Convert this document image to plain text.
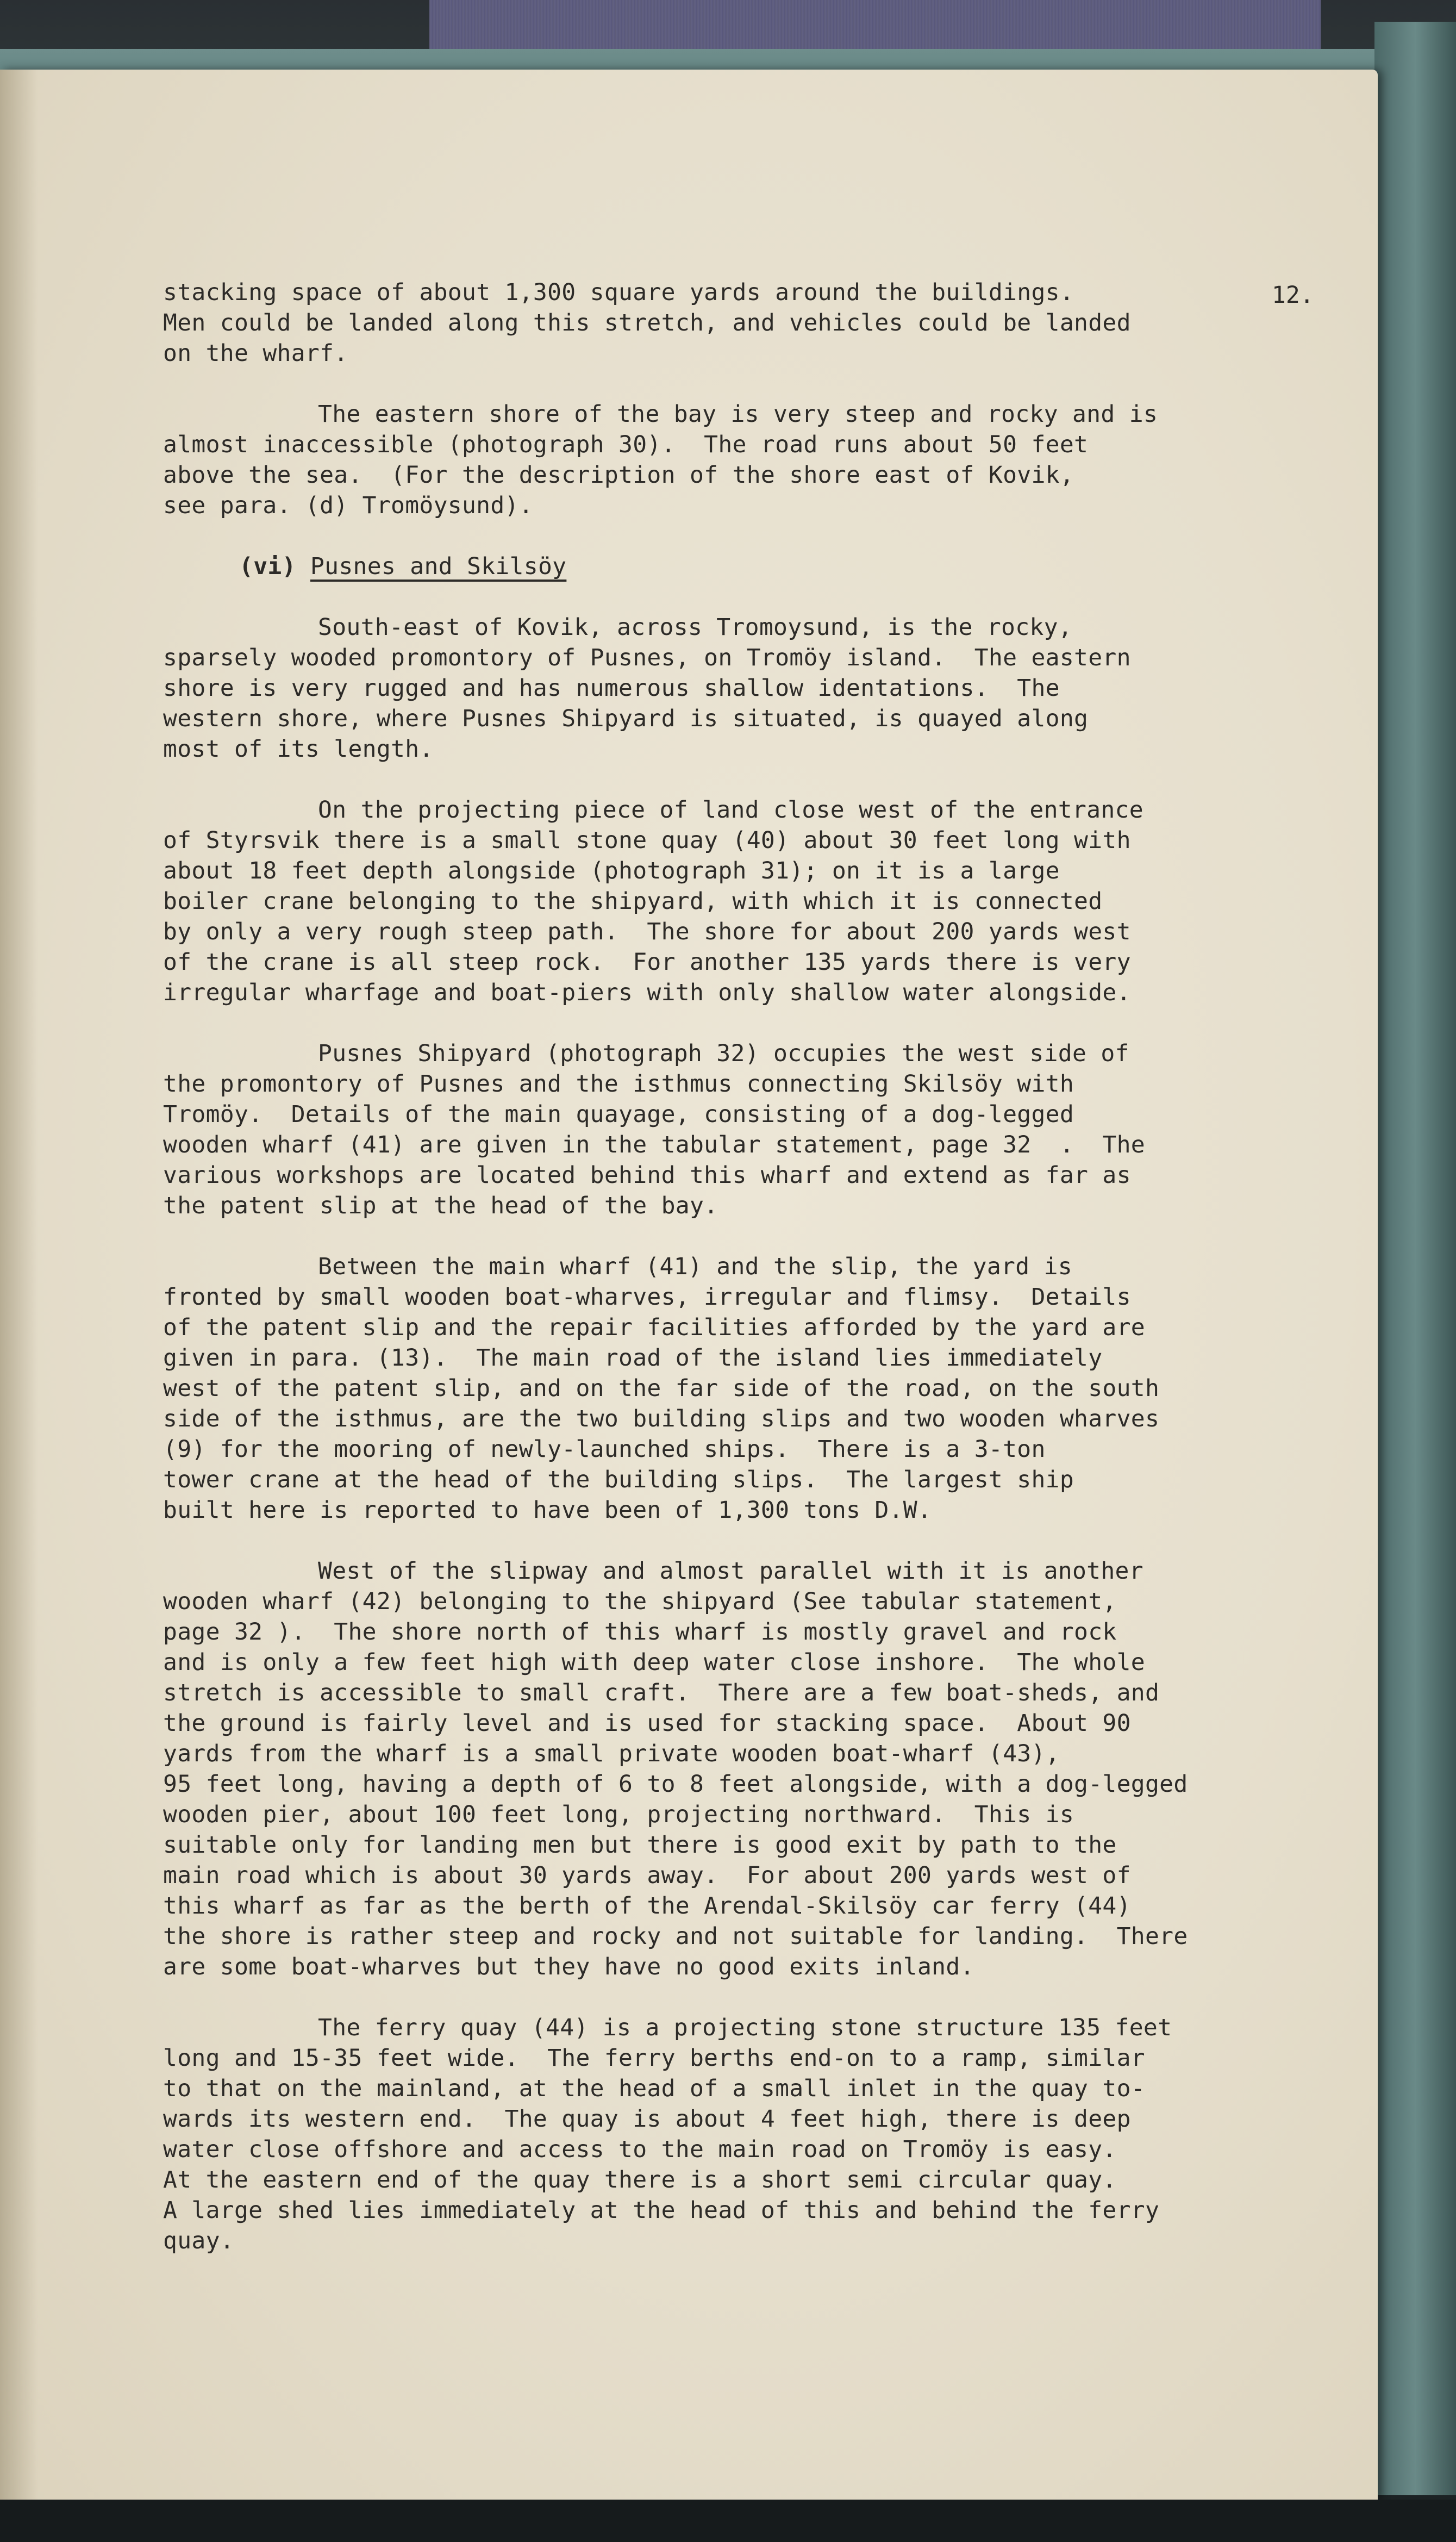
12.
stacking space of about 1,300 square yards around the buildings.
Men could be landed along this stretch, and vehicles could be landed
on the wharf.
The eastern shore of the bay is very steep and rocky and is
almost inaccessible (photograph 30).  The road runs about 50 feet
above the sea.  (For the description of the shore east of Kovik,
see para. (d) Tromöysund).
(vi) Pusnes and Skilsöy
South-east of Kovik, across Tromoysund, is the rocky,
sparsely wooded promontory of Pusnes, on Tromöy island.  The eastern
shore is very rugged and has numerous shallow identations.  The
western shore, where Pusnes Shipyard is situated, is quayed along
most of its length.
On the projecting piece of land close west of the entrance
of Styrsvik there is a small stone quay (40) about 30 feet long with
about 18 feet depth alongside (photograph 31); on it is a large
boiler crane belonging to the shipyard, with which it is connected
by only a very rough steep path.  The shore for about 200 yards west
of the crane is all steep rock.  For another 135 yards there is very
irregular wharfage and boat-piers with only shallow water alongside.
Pusnes Shipyard (photograph 32) occupies the west side of
the promontory of Pusnes and the isthmus connecting Skilsöy with
Tromöy.  Details of the main quayage, consisting of a dog-legged
wooden wharf (41) are given in the tabular statement, page 32  .  The
various workshops are located behind this wharf and extend as far as
the patent slip at the head of the bay.
Between the main wharf (41) and the slip, the yard is
fronted by small wooden boat-wharves, irregular and flimsy.  Details
of the patent slip and the repair facilities afforded by the yard are
given in para. (13).  The main road of the island lies immediately
west of the patent slip, and on the far side of the road, on the south
side of the isthmus, are the two building slips and two wooden wharves
(9) for the mooring of newly-launched ships.  There is a 3-ton
tower crane at the head of the building slips.  The largest ship
built here is reported to have been of 1,300 tons D.W.
West of the slipway and almost parallel with it is another
wooden wharf (42) belonging to the shipyard (See tabular statement,
page 32 ).  The shore north of this wharf is mostly gravel and rock
and is only a few feet high with deep water close inshore.  The whole
stretch is accessible to small craft.  There are a few boat-sheds, and
the ground is fairly level and is used for stacking space.  About 90
yards from the wharf is a small private wooden boat-wharf (43),
95 feet long, having a depth of 6 to 8 feet alongside, with a dog-legged
wooden pier, about 100 feet long, projecting northward.  This is
suitable only for landing men but there is good exit by path to the
main road which is about 30 yards away.  For about 200 yards west of
this wharf as far as the berth of the Arendal-Skilsöy car ferry (44)
the shore is rather steep and rocky and not suitable for landing.  There
are some boat-wharves but they have no good exits inland.
The ferry quay (44) is a projecting stone structure 135 feet
long and 15-35 feet wide.  The ferry berths end-on to a ramp, similar
to that on the mainland, at the head of a small inlet in the quay to-
wards its western end.  The quay is about 4 feet high, there is deep
water close offshore and access to the main road on Tromöy is easy.
At the eastern end of the quay there is a short semi circular quay.
A large shed lies immediately at the head of this and behind the ferry
quay.
